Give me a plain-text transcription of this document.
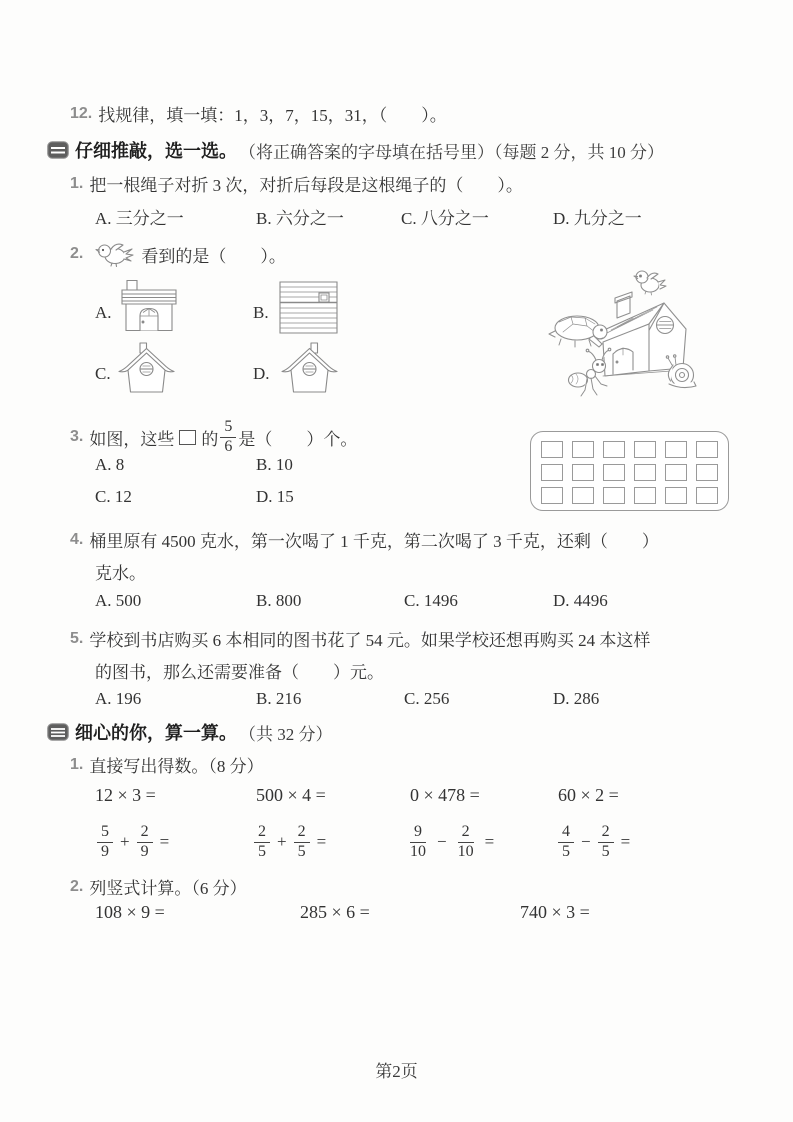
12. 找规律，填一填：1，3，7，15，31，（　　）。
仔细推敲，选一选。 （将正确答案的字母填在括号里）（每题 2 分，共 10 分）
1. 把一根绳子对折 3 次，对折后每段是这根绳子的（　　）。
A. 三分之一	B. 六分之一	C. 八分之一	D. 九分之一
2.	看到的是（　　）。
A.	B.
C.	D.
3. 如图，这些 的 $\frac{5}{6}$ 是（　　）个。
A. 8	B. 10
C. 12	D. 15
4. 桶里原有 4500 克水，第一次喝了 1 千克，第二次喝了 3 千克，还剩（　　）
克水。
A. 500	B. 800	C. 1496	D. 4496
5. 学校到书店购买 6 本相同的图书花了 54 元。如果学校还想再购买 24 本这样
的图书，那么还需要准备（　　）元。
A. 196	B. 216	C. 256	D. 286
细心的你，算一算。 （共 32 分）
1. 直接写出得数。（8 分）
12 × 3 =	500 × 4 =	0 × 478 =	60 × 2 =
$\frac{5}{9} + \frac{2}{9}$ =	$\frac{2}{5} + \frac{2}{5}$ =	$\frac{9}{10} - \frac{2}{10}$ =	$\frac{4}{5} - \frac{2}{5}$ =
2. 列竖式计算。（6 分）
108 × 9 =	285 × 6 =	740 × 3 =
第2页
